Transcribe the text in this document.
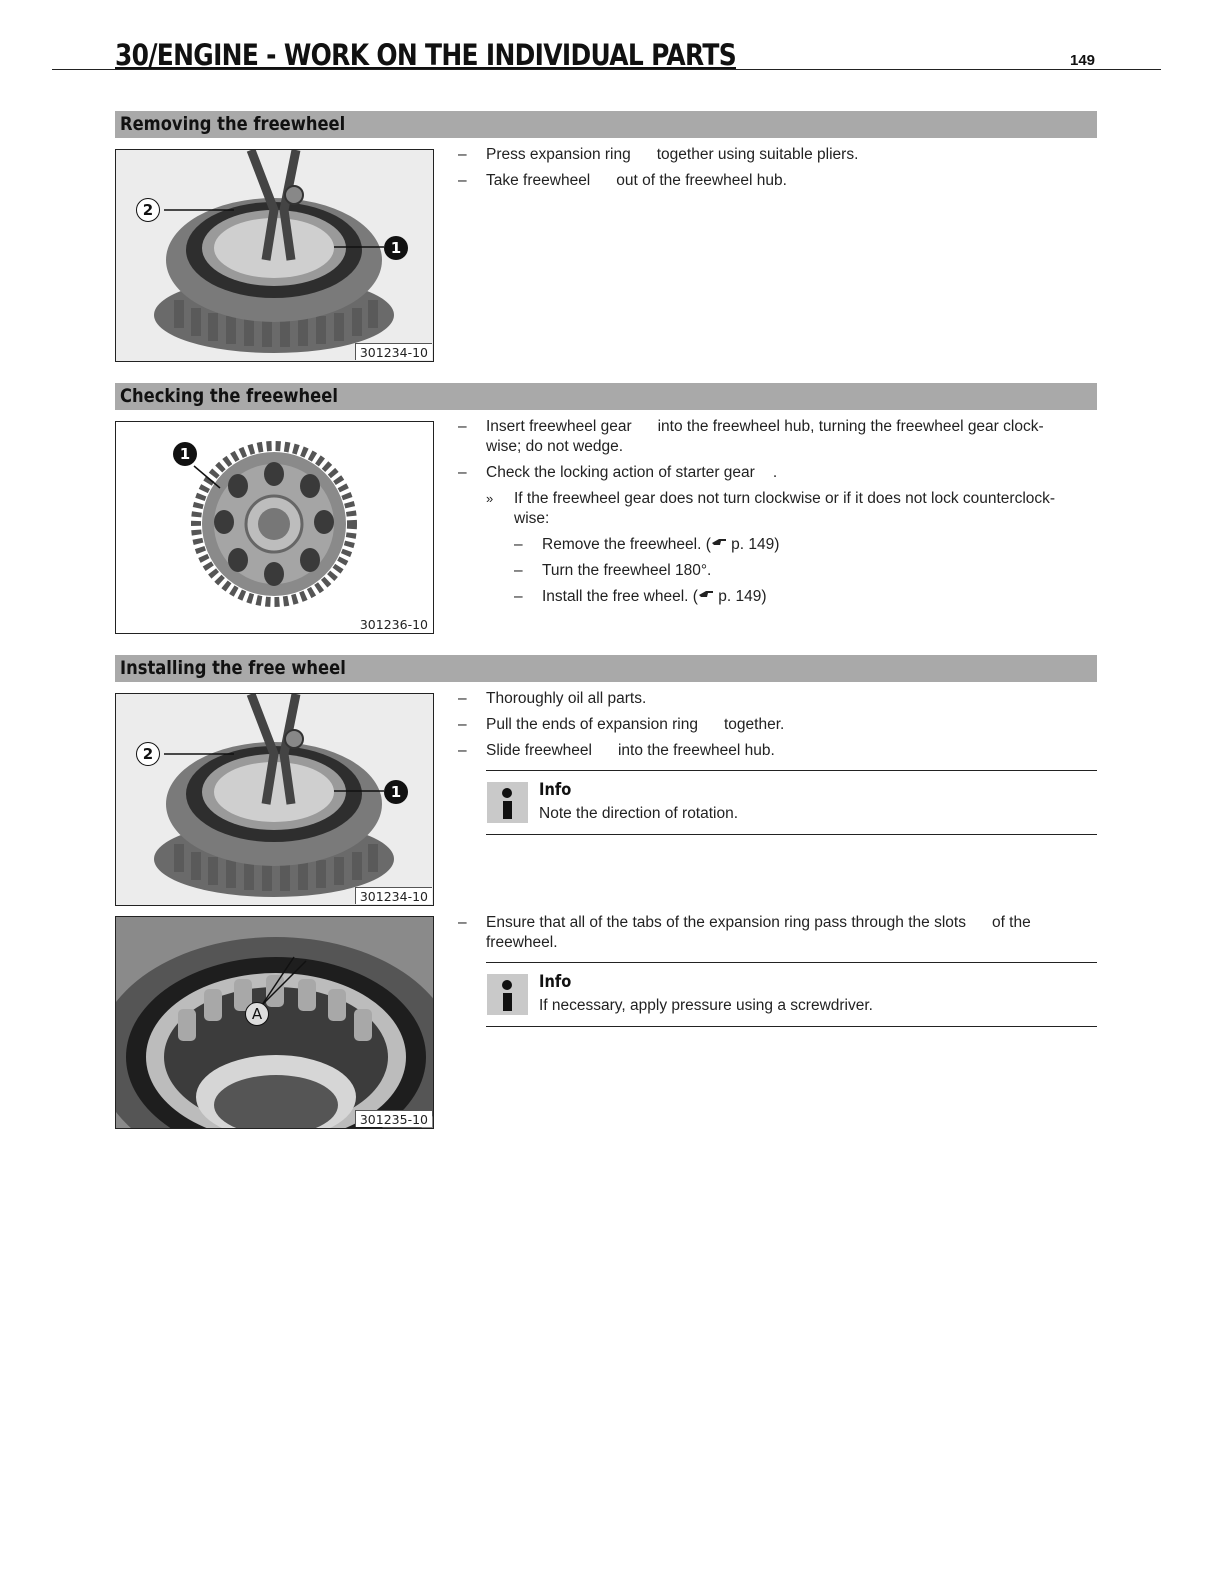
30/ENGINE - WORK ON THE INDIVIDUAL PARTS	149
Removing the freewheel
2
1
301234-10
– Press expansion ring together using suitable pliers.
– Take freewheel out of the freewheel hub.
Checking the freewheel
1
301236-10
– Insert freewheel gear into the freewheel hub, turning the freewheel gear clock-
wise; do not wedge.
– Check the locking action of starter gear .
» If the freewheel gear does not turn clockwise or if it does not lock counterclock-
wise:
– Remove the freewheel. ( p. 149)
– Turn the freewheel 180°.
– Install the free wheel. ( p. 149)
Installing the free wheel
2
1
301234-10
A
301235-10
– Thoroughly oil all parts.
– Pull the ends of expansion ring together.
– Slide freewheel into the freewheel hub.
Info
Note the direction of rotation.
– Ensure that all of the tabs of the expansion ring pass through the slots of the
freewheel.
Info
If necessary, apply pressure using a screwdriver.
